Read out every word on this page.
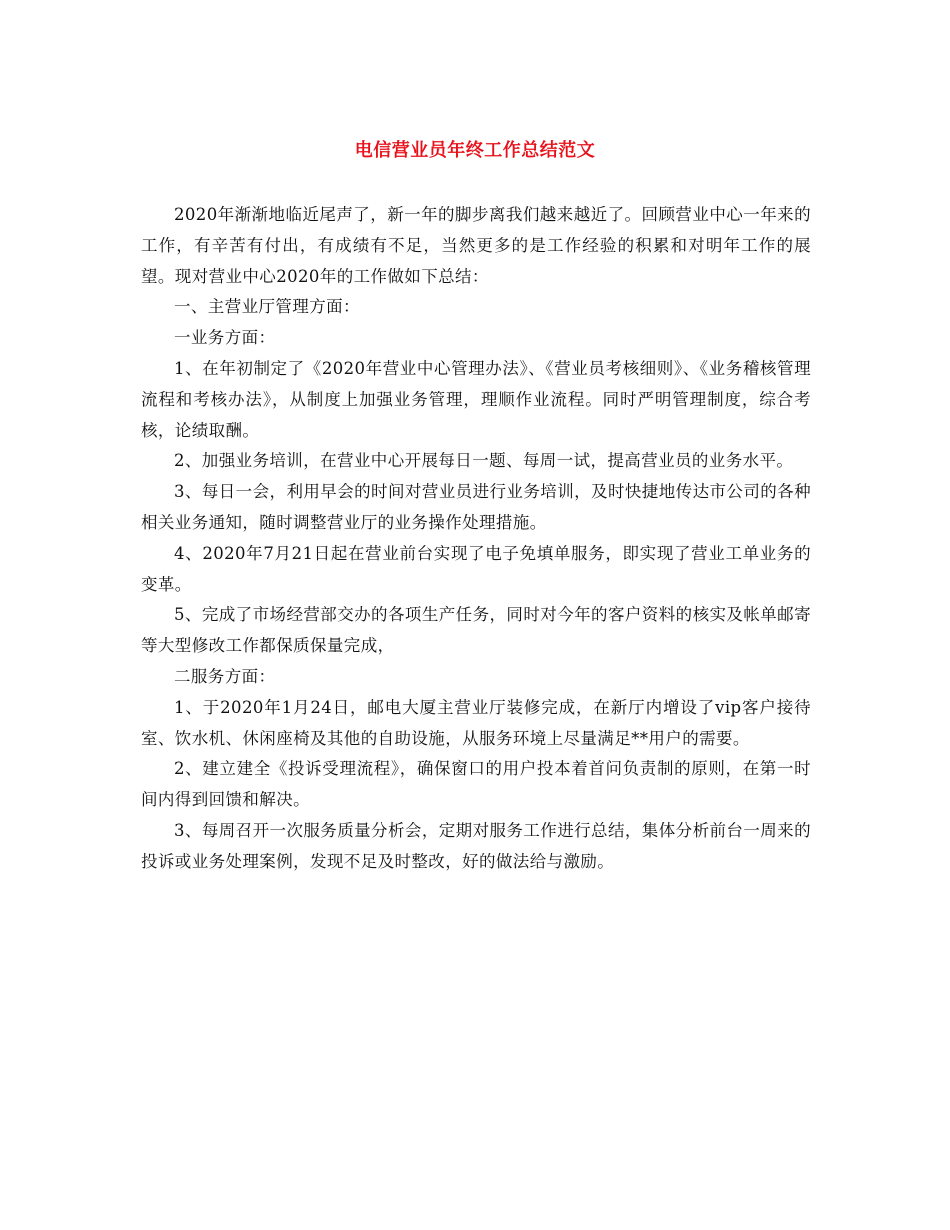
电信营业员年终工作总结范文

2020年渐渐地临近尾声了，新一年的脚步离我们越来越近了。回顾营业中心一年来的工作，有辛苦有付出，有成绩有不足，当然更多的是工作经验的积累和对明年工作的展望。现对营业中心2020年的工作做如下总结：

一、主营业厅管理方面：

一业务方面：

1、在年初制定了《2020年营业中心管理办法》、《营业员考核细则》、《业务稽核管理流程和考核办法》，从制度上加强业务管理，理顺作业流程。同时严明管理制度，综合考核，论绩取酬。

2、加强业务培训，在营业中心开展每日一题、每周一试，提高营业员的业务水平。

3、每日一会，利用早会的时间对营业员进行业务培训，及时快捷地传达市公司的各种相关业务通知，随时调整营业厅的业务操作处理措施。

4、2020年7月21日起在营业前台实现了电子免填单服务，即实现了营业工单业务的变革。

5、完成了市场经营部交办的各项生产任务，同时对今年的客户资料的核实及帐单邮寄等大型修改工作都保质保量完成，

二服务方面：

1、于2020年1月24日，邮电大厦主营业厅装修完成，在新厅内增设了vip客户接待室、饮水机、休闲座椅及其他的自助设施，从服务环境上尽量满足**用户的需要。

2、建立建全《投诉受理流程》，确保窗口的用户投本着首问负责制的原则，在第一时间内得到回馈和解决。

3、每周召开一次服务质量分析会，定期对服务工作进行总结，集体分析前台一周来的投诉或业务处理案例，发现不足及时整改，好的做法给与激励。
